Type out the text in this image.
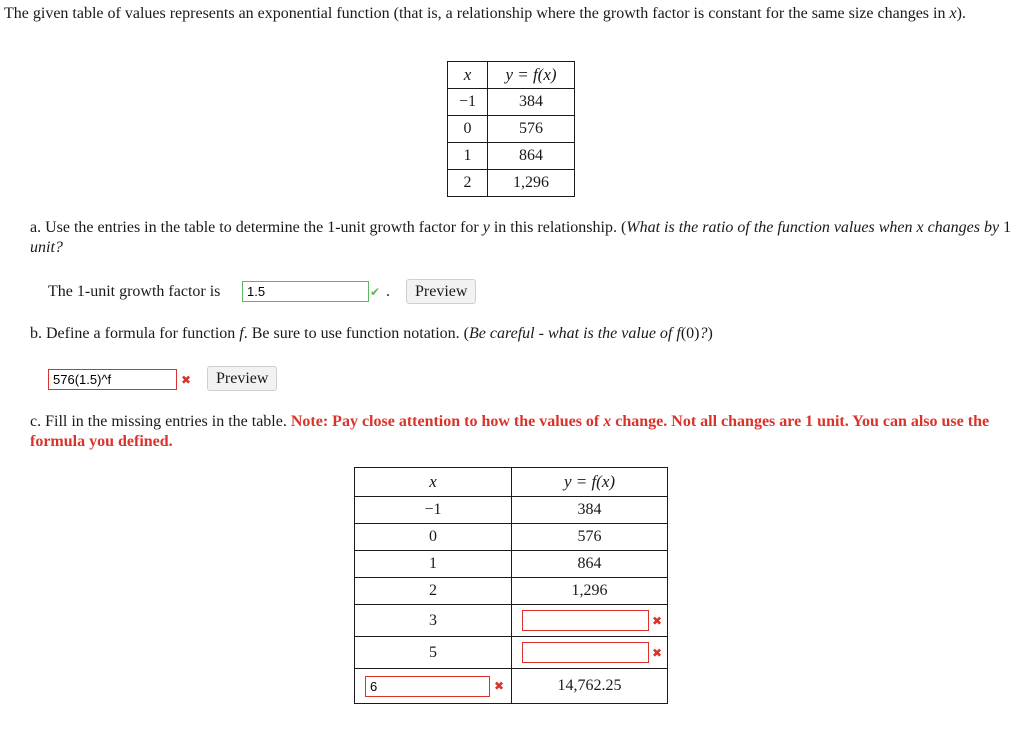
The given table of values represents an exponential function (that is, a relationship where the growth factor is constant for the same size changes in x).
x	y = f(x)
−1	384
0	576
1	864
2	1,296
a. Use the entries in the table to determine the 1-unit growth factor for y in this relationship. (What is the ratio of the function values when x changes by 1 unit?
The 1-unit growth factor is
1.5	✔ .	Preview
b. Define a formula for function f. Be sure to use function notation. (Be careful - what is the value of f(0)?)
576(1.5)^f
✖	Preview
c. Fill in the missing entries in the table. Note: Pay close attention to how the values of x change. Not all changes are 1 unit. You can also use the formula you defined.
x	y = f(x)
−1	384
0	576
1	864
2	1,296
3	✖
5	✖
6✖	14,762.25
